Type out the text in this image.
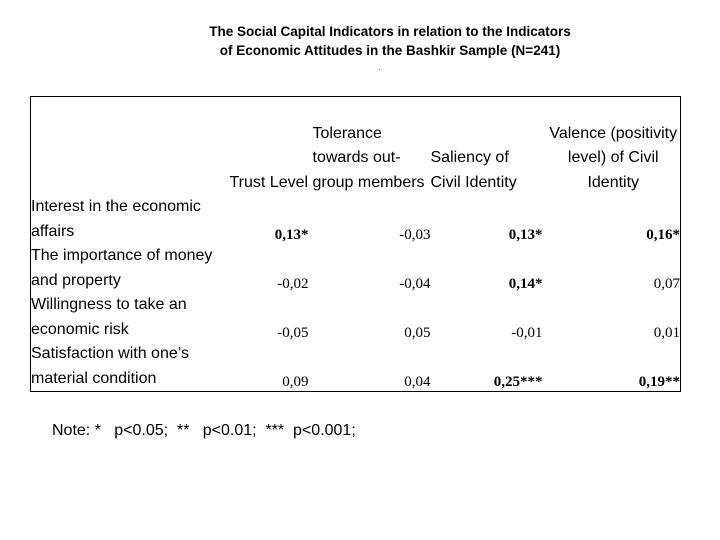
The Social Capital Indicators in relation to the Indicators
of Economic Attitudes in the Bashkir Sample (N=241)
.
	Trust Level	Tolerance towards out-group members	Saliency of Civil Identity	Valence (positivity level) of Civil Identity
Interest in the economic affairs	0,13*	-0,03	0,13*	0,16*
The importance of money and property	-0,02	-0,04	0,14*	0,07
Willingness to take an economic risk	-0,05	0,05	-0,01	0,01
Satisfaction with one’s material condition	0,09	0,04	0,25***	0,19**
Note: *   p<0.05;  **   p<0.01;  ***  p<0.001;
